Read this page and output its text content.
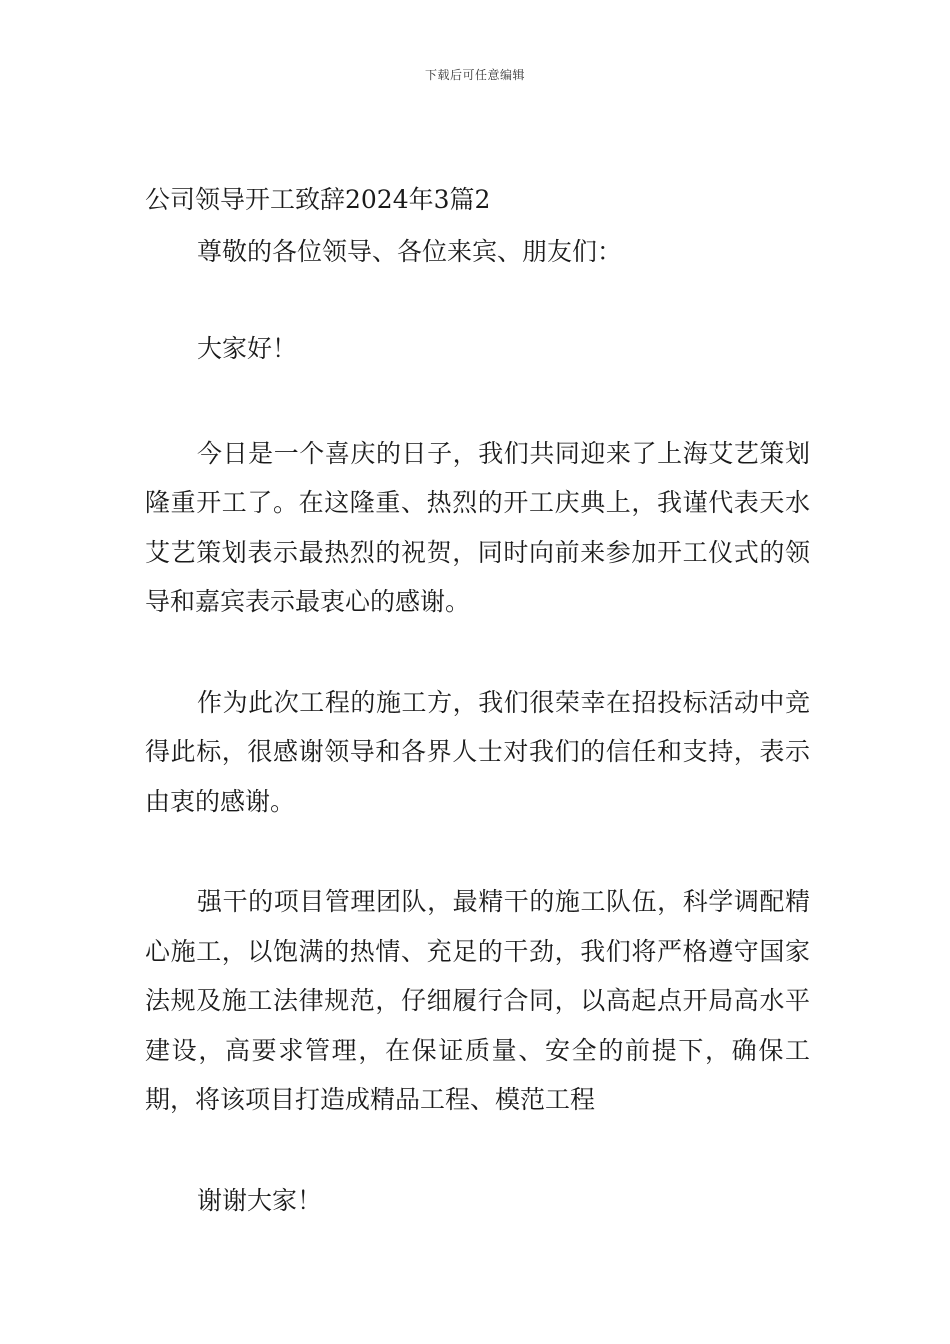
下载后可任意编辑
公司领导开工致辞2024年3篇2

尊敬的各位领导、各位来宾、朋友们：

大家好！

今日是一个喜庆的日子，我们共同迎来了上海艾艺策划隆重开工了。在这隆重、热烈的开工庆典上，我谨代表天水艾艺策划表示最热烈的祝贺，同时向前来参加开工仪式的领导和嘉宾表示最衷心的感谢。

作为此次工程的施工方，我们很荣幸在招投标活动中竞得此标，很感谢领导和各界人士对我们的信任和支持，表示由衷的感谢。

强干的项目管理团队，最精干的施工队伍，科学调配精心施工，以饱满的热情、充足的干劲，我们将严格遵守国家法规及施工法律规范，仔细履行合同，以高起点开局高水平建设，高要求管理，在保证质量、安全的前提下，确保工期，将该项目打造成精品工程、模范工程

谢谢大家！
